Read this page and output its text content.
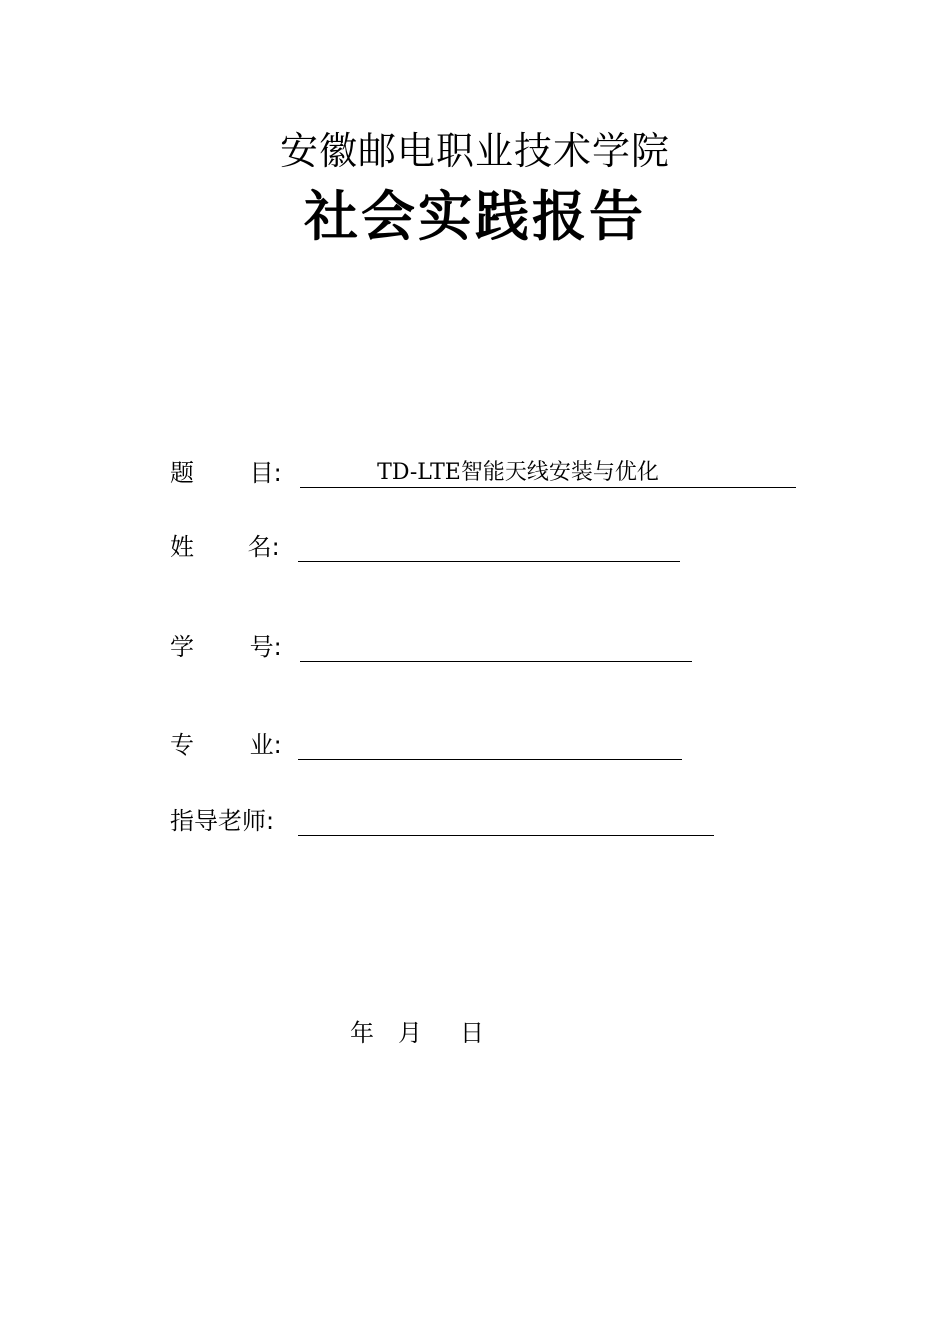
安徽邮电职业技术学院
社会实践报告
题 目:	TD-LTE智能天线安装与优化
姓 名:
学 号:
专 业:
指导老师:
年 月 日
